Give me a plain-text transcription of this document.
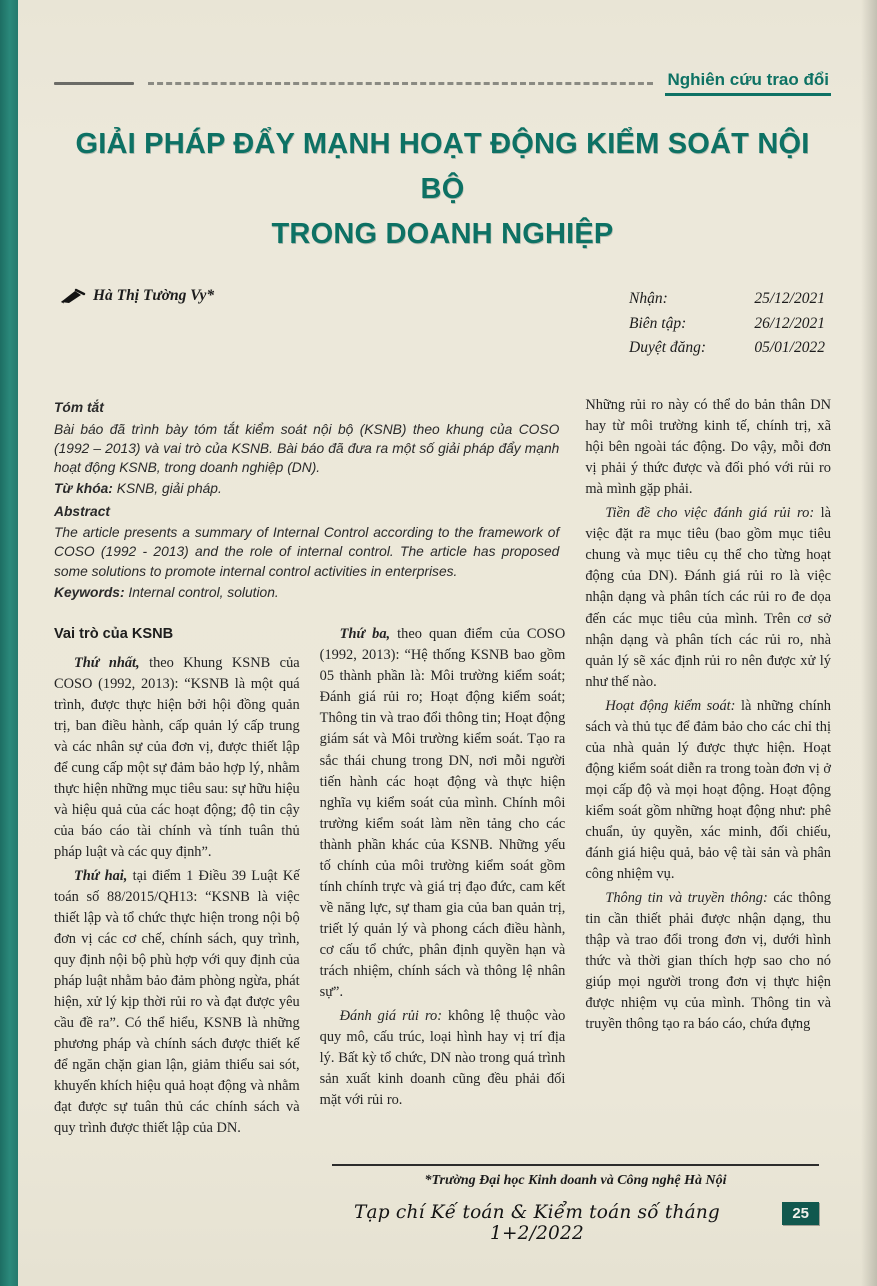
Nghiên cứu trao đổi
GIẢI PHÁP ĐẨY MẠNH HOẠT ĐỘNG KIỂM SOÁT NỘI BỘ
TRONG DOANH NGHIỆP
Hà Thị Tường Vy*	Nhận:	25/12/2021
Biên tập:	26/12/2021
Duyệt đăng:	05/01/2022
Tóm tắt

Bài báo đã trình bày tóm tắt kiểm soát nội bộ (KSNB) theo khung của COSO (1992 – 2013) và vai trò của KSNB. Bài báo đã đưa ra một số giải pháp đẩy mạnh hoạt động KSNB, trong doanh nghiệp (DN).

Từ khóa: KSNB, giải pháp.

Abstract

The article presents a summary of Internal Control according to the framework of COSO (1992 - 2013) and the role of internal control. The article has proposed some solutions to promote internal control activities in enterprises.

Keywords: Internal control, solution.

Vai trò của KSNB

Thứ nhất, theo Khung KSNB của COSO (1992, 2013): “KSNB là một quá trình, được thực hiện bởi hội đồng quản trị, ban điều hành, cấp quản lý cấp trung và các nhân sự của đơn vị, được thiết lập để cung cấp một sự đảm bảo hợp lý, nhằm thực hiện những mục tiêu sau: sự hữu hiệu và hiệu quả của các hoạt động; độ tin cậy của báo cáo tài chính và tính tuân thủ pháp luật và các quy định”.

Thứ hai, tại điểm 1 Điều 39 Luật Kế toán số 88/2015/QH13: “KSNB là việc thiết lập và tổ chức thực hiện trong nội bộ đơn vị các cơ chế, chính sách, quy trình, quy định nội bộ phù hợp với quy định của pháp luật nhằm bảo đảm phòng ngừa, phát hiện, xử lý kịp thời rủi ro và đạt được yêu cầu đề ra”. Có thể hiểu, KSNB là những phương pháp và chính sách được thiết kế để ngăn chặn gian lận, giảm thiểu sai sót, khuyến khích hiệu quả hoạt động và nhằm đạt được sự tuân thủ các chính sách và quy trình được thiết lập của DN.

Thứ ba, theo quan điểm của COSO (1992, 2013): “Hệ thống KSNB bao gồm 05 thành phần là: Môi trường kiểm soát; Đánh giá rủi ro; Hoạt động kiểm soát; Thông tin và trao đổi thông tin; Hoạt động giám sát và Môi trường kiểm soát. Tạo ra sắc thái chung trong DN, nơi mỗi người tiến hành các hoạt động và thực hiện nghĩa vụ kiểm soát của mình. Chính môi trường kiểm soát làm nền tảng cho các thành phần khác của KSNB. Những yếu tố chính của môi trường kiểm soát gồm tính chính trực và giá trị đạo đức, cam kết về năng lực, sự tham gia của ban quản trị, triết lý quản lý và phong cách điều hành, cơ cấu tổ chức, phân định quyền hạn và trách nhiệm, chính sách và thông lệ nhân sự”.

Đánh giá rủi ro: không lệ thuộc vào quy mô, cấu trúc, loại hình hay vị trí địa lý. Bất kỳ tổ chức, DN nào trong quá trình sản xuất kinh doanh cũng đều phải đối mặt với rủi ro.

Những rủi ro này có thể do bản thân DN hay từ môi trường kinh tế, chính trị, xã hội bên ngoài tác động. Do vậy, mỗi đơn vị phải ý thức được và đối phó với rủi ro mà mình gặp phải.

Tiền đề cho việc đánh giá rủi ro: là việc đặt ra mục tiêu (bao gồm mục tiêu chung và mục tiêu cụ thể cho từng hoạt động của DN). Đánh giá rủi ro là việc nhận dạng và phân tích các rủi ro đe dọa đến các mục tiêu của mình. Trên cơ sở nhận dạng và phân tích các rủi ro, nhà quản lý sẽ xác định rủi ro nên được xử lý như thế nào.

Hoạt động kiểm soát: là những chính sách và thủ tục để đảm bảo cho các chỉ thị của nhà quản lý được thực hiện. Hoạt động kiểm soát diễn ra trong toàn đơn vị ở mọi cấp độ và mọi hoạt động. Hoạt động kiểm soát gồm những hoạt động như: phê chuẩn, ủy quyền, xác minh, đối chiếu, đánh giá hiệu quả, bảo vệ tài sản và phân công nhiệm vụ.

Thông tin và truyền thông: các thông tin cần thiết phải được nhận dạng, thu thập và trao đổi trong đơn vị, dưới hình thức và thời gian thích hợp sao cho nó giúp mọi người trong đơn vị thực hiện được nhiệm vụ của mình. Thông tin và truyền thông tạo ra báo cáo, chứa đựng

*Trường Đại học Kinh doanh và Công nghệ Hà Nội
Tạp chí Kế toán & Kiểm toán số tháng 1+2/2022
25
